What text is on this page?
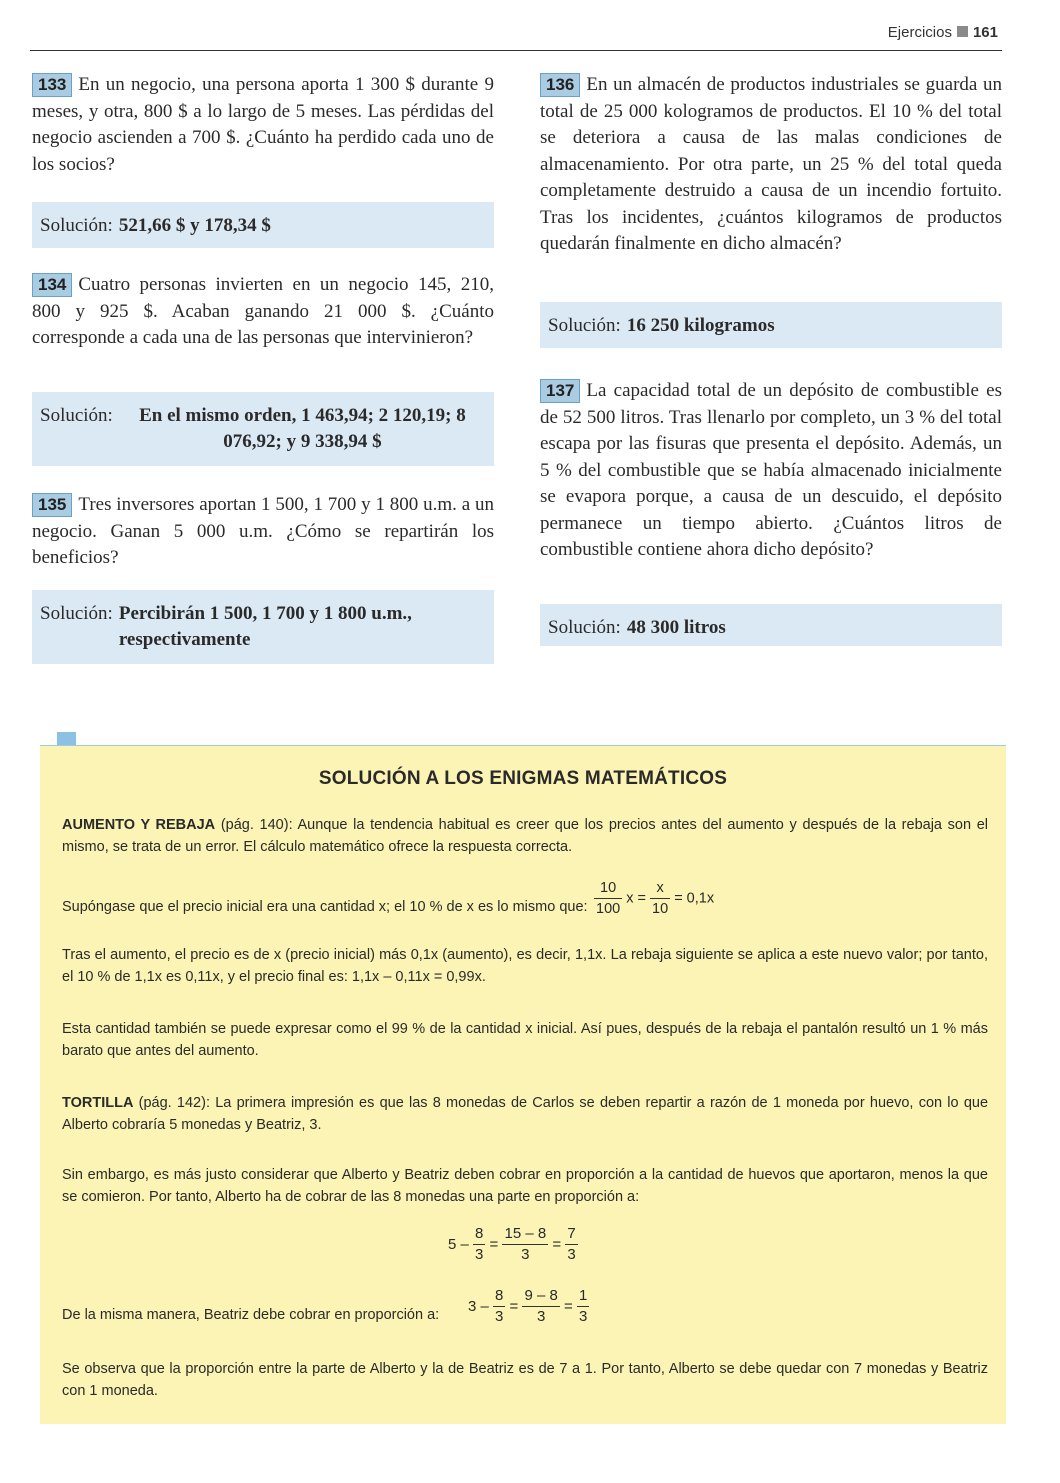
Ejercicios 161

133 En un negocio, una persona aporta 1 300 $ durante 9 meses, y otra, 800 $ a lo largo de 5 meses. Las pérdidas del negocio ascienden a 700 $. ¿Cuánto ha perdido cada uno de los socios?

Solución: 521,66 $ y 178,34 $

134 Cuatro personas invierten en un negocio 145, 210, 800 y 925 $. Acaban ganando 21 000 $. ¿Cuánto corresponde a cada una de las personas que intervinieron?

Solución:	En el mismo orden, 1 463,94; 2 120,19; 8 076,92; y 9 338,94 $

135 Tres inversores aportan 1 500, 1 700 y 1 800 u.m. a un negocio. Ganan 5 000 u.m. ¿Cómo se repartirán los beneficios?

Solución: Percibirán 1 500, 1 700 y 1 800 u.m., respectivamente

136 En un almacén de productos industriales se guarda un total de 25 000 kologramos de productos. El 10 % del total se deteriora a causa de las malas condiciones de almacenamiento. Por otra parte, un 25 % del total queda completamente destruido a causa de un incendio fortuito. Tras los incidentes, ¿cuántos kilogramos de productos quedarán finalmente en dicho almacén?

Solución: 16 250 kilogramos

137 La capacidad total de un depósito de combustible es de 52 500 litros. Tras llenarlo por completo, un 3 % del total escapa por las fisuras que presenta el depósito. Además, un 5 % del combustible que se había almacenado inicialmente se evapora porque, a causa de un descuido, el depósito permanece un tiempo abierto. ¿Cuántos litros de combustible contiene ahora dicho depósito?

Solución: 48 300 litros
SOLUCIÓN A LOS ENIGMAS MATEMÁTICOS

AUMENTO Y REBAJA (pág. 140): Aunque la tendencia habitual es creer que los precios antes del aumento y después de la rebaja son el mismo, se trata de un error. El cálculo matemático ofrece la respuesta correcta.

Supóngase que el precio inicial era una cantidad x; el 10 % de x es lo mismo que: $\frac{10}{100}$ $x = \frac{x}{10} = 0,1x$

Tras el aumento, el precio es de x (precio inicial) más 0,1x (aumento), es decir, 1,1x. La rebaja siguiente se aplica a este nuevo valor; por tanto, el 10 % de 1,1x es 0,11x, y el precio final es: 1,1x – 0,11x = 0,99x.

Esta cantidad también se puede expresar como el 99 % de la cantidad x inicial. Así pues, después de la rebaja el pantalón resultó un 1 % más barato que antes del aumento.

TORTILLA (pág. 142): La primera impresión es que las 8 monedas de Carlos se deben repartir a razón de 1 moneda por huevo, con lo que Alberto cobraría 5 monedas y Beatriz, 3.

Sin embargo, es más justo considerar que Alberto y Beatriz deben cobrar en proporción a la cantidad de huevos que aportaron, menos la que se comieron. Por tanto, Alberto ha de cobrar de las 8 monedas una parte en proporción a:

$5 - \frac{8}{3} = \frac{15 - 8}{3} = \frac{7}{3}$
De la misma manera, Beatriz debe cobrar en proporción a: $3 - \frac{8}{3} = \frac{9 - 8}{3} = \frac{1}{3}$

Se observa que la proporción entre la parte de Alberto y la de Beatriz es de 7 a 1. Por tanto, Alberto se debe quedar con 7 monedas y Beatriz con 1 moneda.
